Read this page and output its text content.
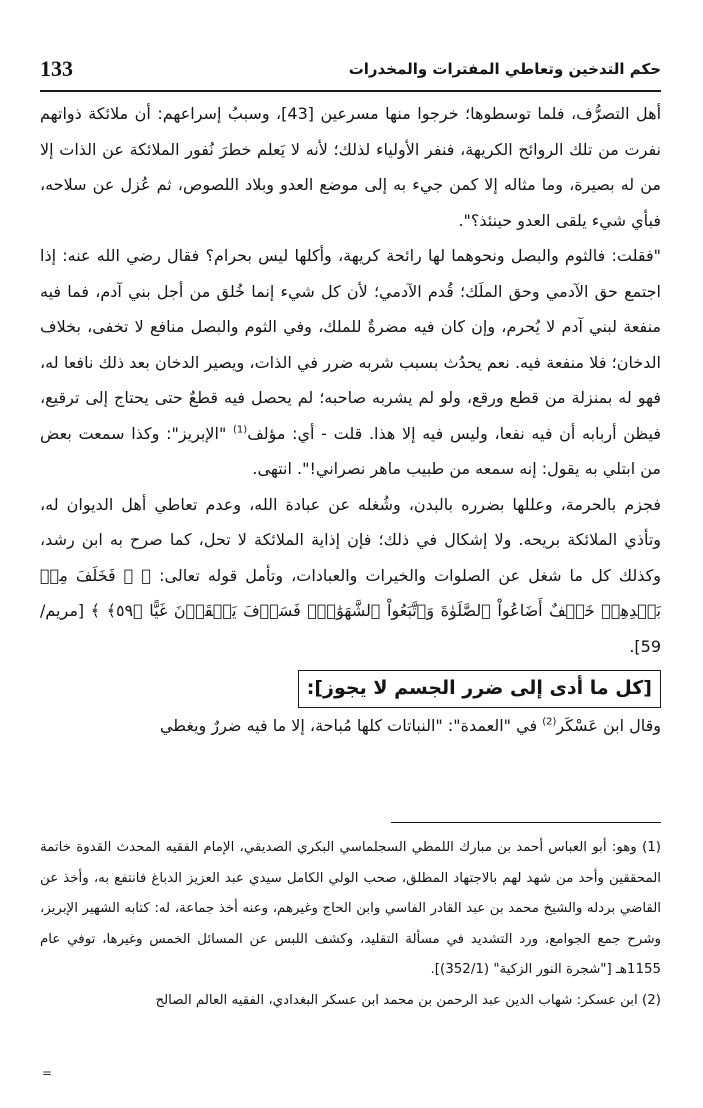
133	حكم التدخين وتعاطي المفترات والمخدرات

أهل التصرُّف، فلما توسطوها؛ خرجوا منها مسرعين [43]، وسببُ إسراعهم: أن ملائكة ذواتهم نفرت من تلك الروائح الكريهة، فنفر الأولياء لذلك؛ لأنه لا يَعلم خطرَ نُفور الملائكة عن الذات إلا من له بصيرة، وما مثاله إلا كمن جيء به إلى موضع العدو وبلاد اللصوص، ثم عُزل عن سلاحه، فبأي شيء يلقى العدو حينئذ؟".

"فقلت: فالثوم والبصل ونحوهما لها رائحة كريهة، وأكلها ليس بحرام؟ فقال رضي الله عنه: إذا اجتمع حق الآدمي وحق الملَك؛ قُدم الآدمي؛ لأن كل شيء إنما خُلق من أجل بني آدم، فما فيه منفعة لبني آدم لا يُحرم، وإن كان فيه مضرةٌ للملك، وفي الثوم والبصل منافع لا تخفى، بخلاف الدخان؛ فلا منفعة فيه. نعم يحدُث بسبب شربه ضرر في الذات، ويصير الدخان بعد ذلك نافعا له، فهو له بمنزلة من قطع ورقع، ولو لم يشربه صاحبه؛ لم يحصل فيه قطعٌ حتى يحتاج إلى ترقيع، فيظن أربابه أن فيه نفعا، وليس فيه إلا هذا. قلت - أي: مؤلف$^{(1)}$ "الإبريز": وكذا سمعت بعض من ابتلي به يقول: إنه سمعه من طبيب ماهر نصراني!". انتهى.

فجزم بالحرمة، وعللها بضرره بالبدن، وشُغله عن عبادة الله، وعدم تعاطي أهل الديوان له، وتأذي الملائكة بريحه. ولا إشكال في ذلك؛ فإن إذاية الملائكة لا تحل، كما صرح به ابن رشد، وكذلك كل ما شغل عن الصلوات والخيرات والعبادات، وتأمل قوله تعالى: ﴿ ۞ فَخَلَفَ مِنۢ بَعۡدِهِمۡ خَلۡفٌ أَضَاعُواْ ٱلصَّلَوٰةَ وَٱتَّبَعُواْ ٱلشَّهَوَٰتِۖ فَسَوۡفَ يَلۡقَوۡنَ غَيًّا ﴿٥٩﴾ ﴾ [مريم/ 59].

[كل ما أدى إلى ضرر الجسم لا يجوز]:

وقال ابن عَسْكَر$^{(2)}$ في "العمدة": "النباتات كلها مُباحة، إلا ما فيه ضررٌ ويغطي

(1) وهو: أبو العباس أحمد بن مبارك اللمطي السجلماسي البكري الصديقي، الإمام الفقيه المحدث القدوة خاتمة المحققين وأحد من شهد لهم بالاجتهاد المطلق، صحب الولي الكامل سيدي عبد العزيز الدباغ فانتفع به، وأخذ عن القاضي بردله والشيخ محمد بن عبد القادر الفاسي وابن الحاج وغيرهم، وعنه أخذ جماعة، له: كتابه الشهير الإبريز، وشرح جمع الجوامع، ورد التشديد في مسألة التقليد، وكشف اللبس عن المسائل الخمس وغيرها، توفي عام 1155هـ ["شجرة النور الزكية" (352/1)].

(2) ابن عسكر: شهاب الدين عبد الرحمن بن محمد ابن عسكر البغدادي، الفقيه العالم الصالح

=
